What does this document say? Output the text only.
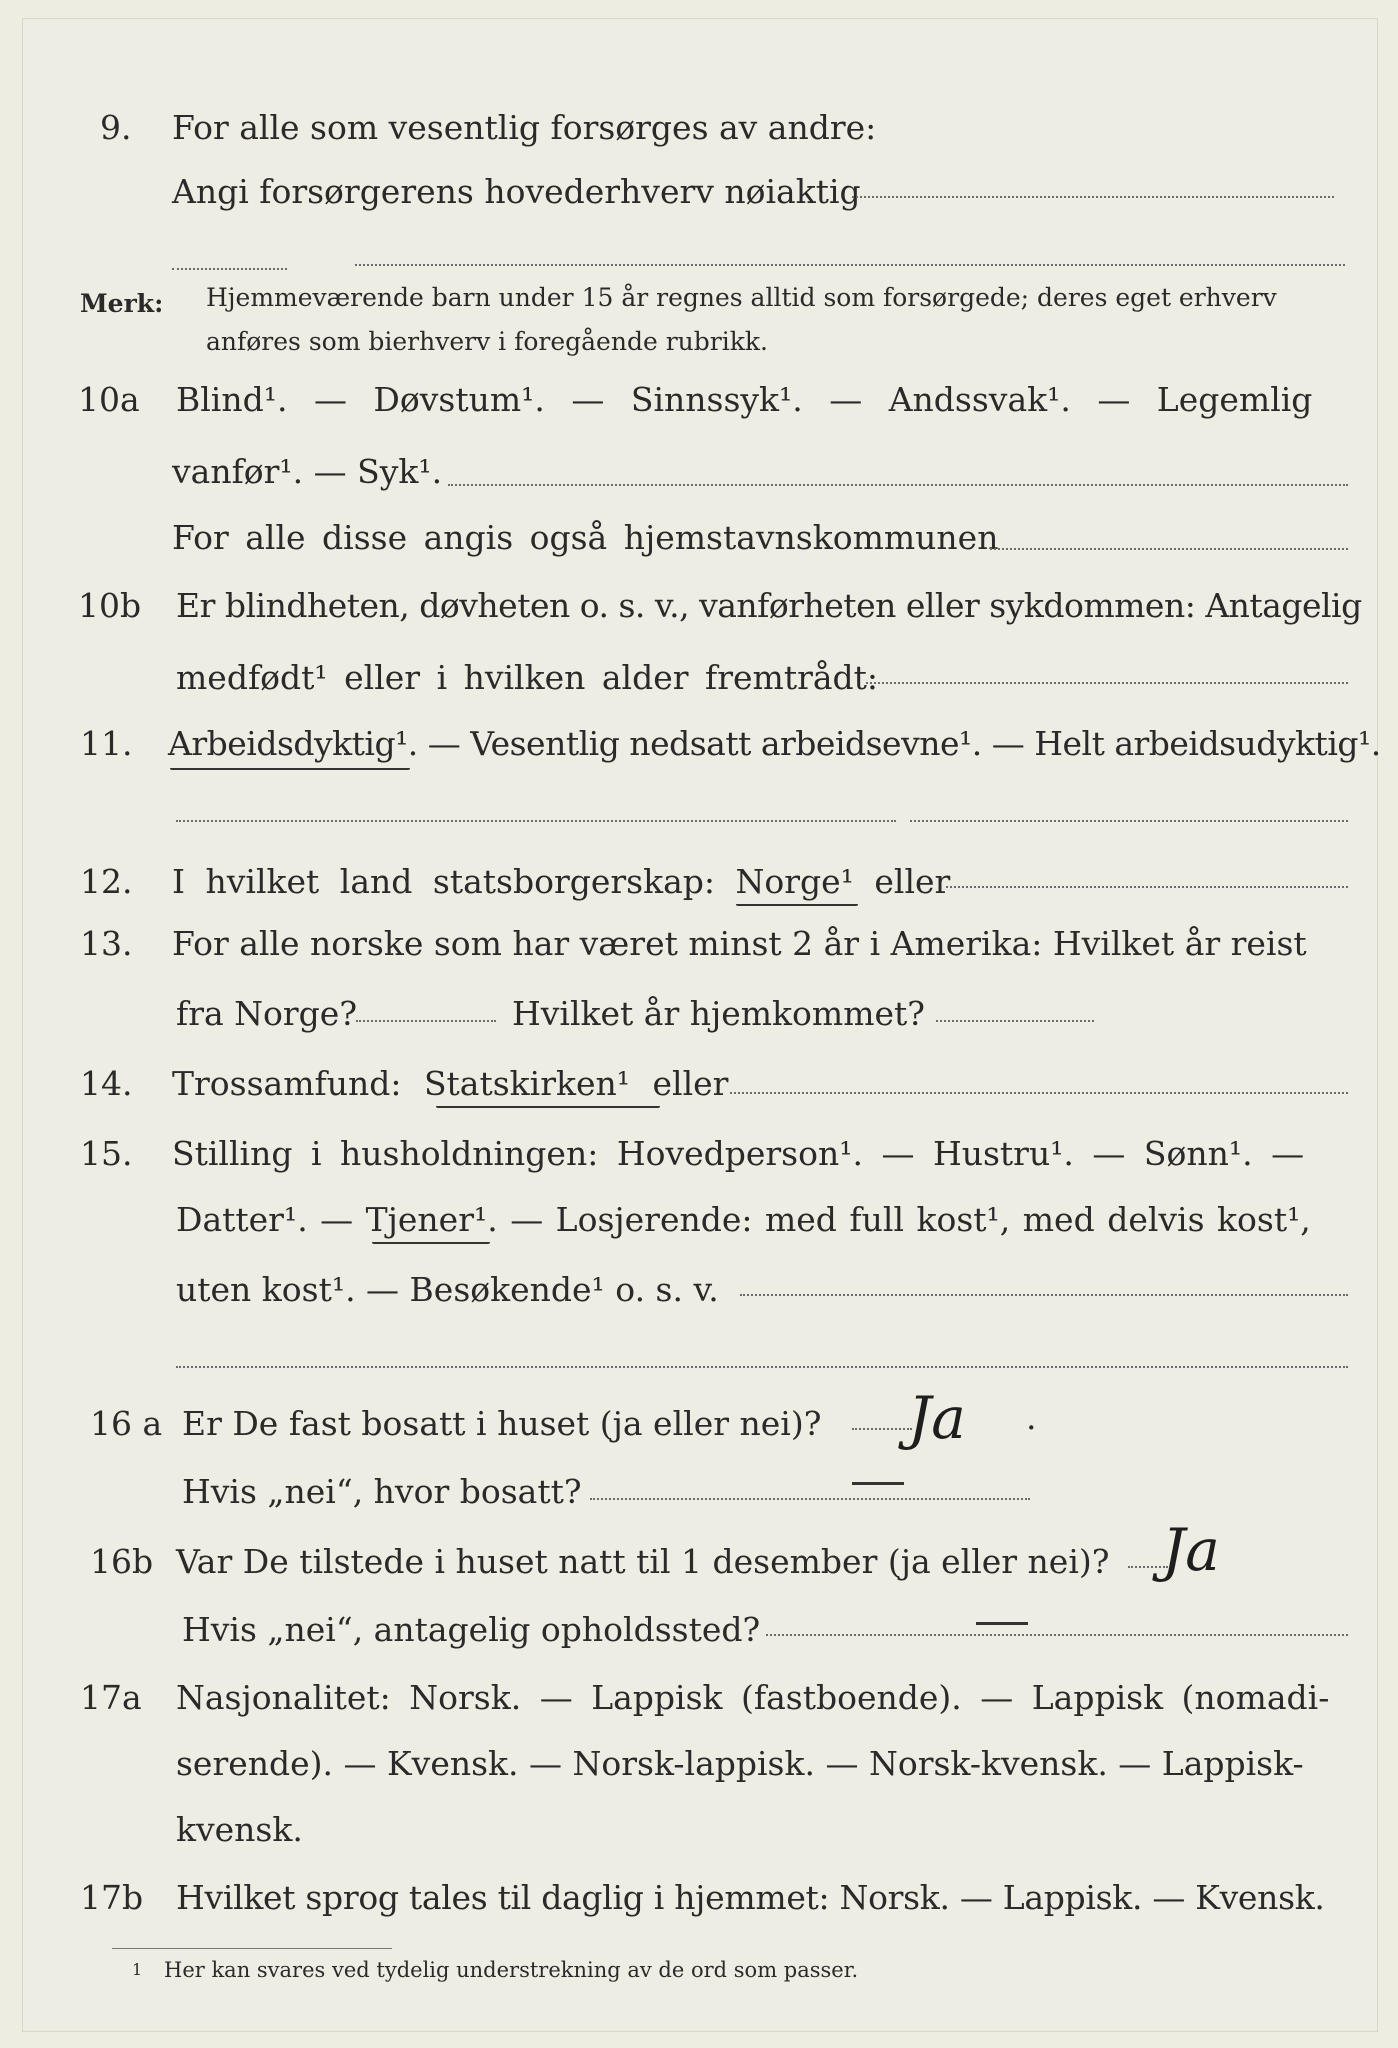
9. For alle som vesentlig forsørges av andre:
Angi forsørgerens hovederhverv nøiaktig
Merk: Hjemmeværende barn under 15 år regnes alltid som forsørgede; deres eget erhverv
anføres som bierhverv i foregående rubrikk.
10a Blind¹. — Døvstum¹. — Sinnssyk¹. — Andssvak¹. — Legemlig
vanfør¹. — Syk¹.
For alle disse angis også hjemstavnskommunen
10b Er blindheten, døvheten o. s. v., vanførheten eller sykdommen: Antagelig
medfødt¹ eller i hvilken alder fremtrådt:
11. Arbeidsdyktig¹. — Vesentlig nedsatt arbeidsevne¹. — Helt arbeidsudyktig¹.
12. I hvilket land statsborgerskap: Norge¹ eller
13. For alle norske som har været minst 2 år i Amerika: Hvilket år reist
fra Norge?	Hvilket år hjemkommet?
14. Trossamfund: Statskirken¹ eller
15. Stilling i husholdningen: Hovedperson¹. — Hustru¹. — Sønn¹. —
Datter¹. — Tjener¹. — Losjerende: med full kost¹, med delvis kost¹,
uten kost¹. — Besøkende¹ o. s. v.
16 a Er De fast bosatt i huset (ja eller nei)? Ja .
Hvis „nei“, hvor bosatt?
16b Var De tilstede i huset natt til 1 desember (ja eller nei)? Ja
Hvis „nei“, antagelig opholdssted?
17a Nasjonalitet: Norsk. — Lappisk (fastboende). — Lappisk (nomadi-
serende). — Kvensk. — Norsk-lappisk. — Norsk-kvensk. — Lappisk-
kvensk.
17b Hvilket sprog tales til daglig i hjemmet: Norsk. — Lappisk. — Kvensk.
1 Her kan svares ved tydelig understrekning av de ord som passer.
